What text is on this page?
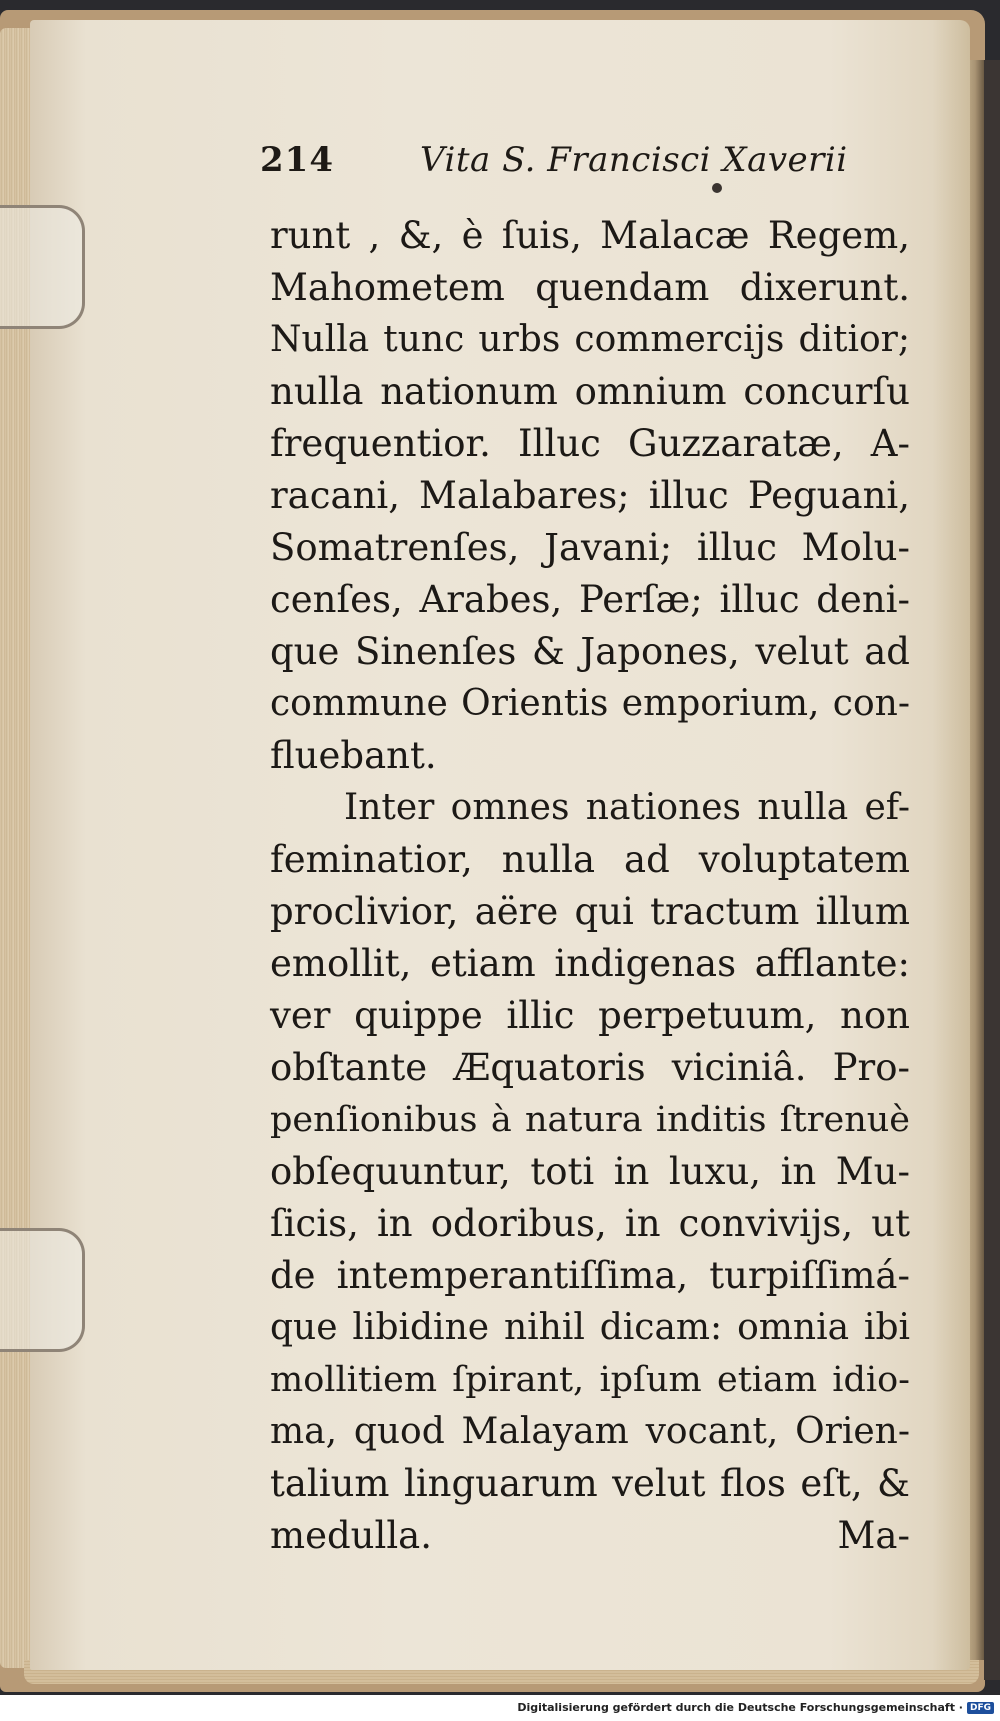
214	Vita S. Francisci Xaverii
runt , &, è ſuis, Malacæ Regem,
Mahometem quendam dixerunt.
Nulla tunc urbs commercijs ditior;
nulla nationum omnium concurſu
frequentior. Illuc Guzzaratæ, A-
racani, Malabares; illuc Peguani,
Somatrenſes, Javani; illuc Molu-
cenſes, Arabes, Perſæ; illuc deni-
que Sinenſes & Japones, velut ad
commune Orientis emporium, con-
fluebant.
Inter omnes nationes nulla ef-
feminatior, nulla ad voluptatem
proclivior, aëre qui tractum illum
emollit, etiam indigenas afflante:
ver quippe illic perpetuum, non
obſtante Æquatoris viciniâ. Pro-
penſionibus à natura inditis ſtrenuè
obſequuntur, toti in luxu, in Mu-
ſicis, in odoribus, in convivijs, ut
de intemperantiſſima, turpiſſimá-
que libidine nihil dicam: omnia ibi
mollitiem ſpirant, ipſum etiam idio-
ma, quod Malayam vocant, Orien-
talium linguarum velut flos eſt, &
medulla.	Ma-
Digitalisierung gefördert durch die Deutsche Forschungsgemeinschaft · DFG
